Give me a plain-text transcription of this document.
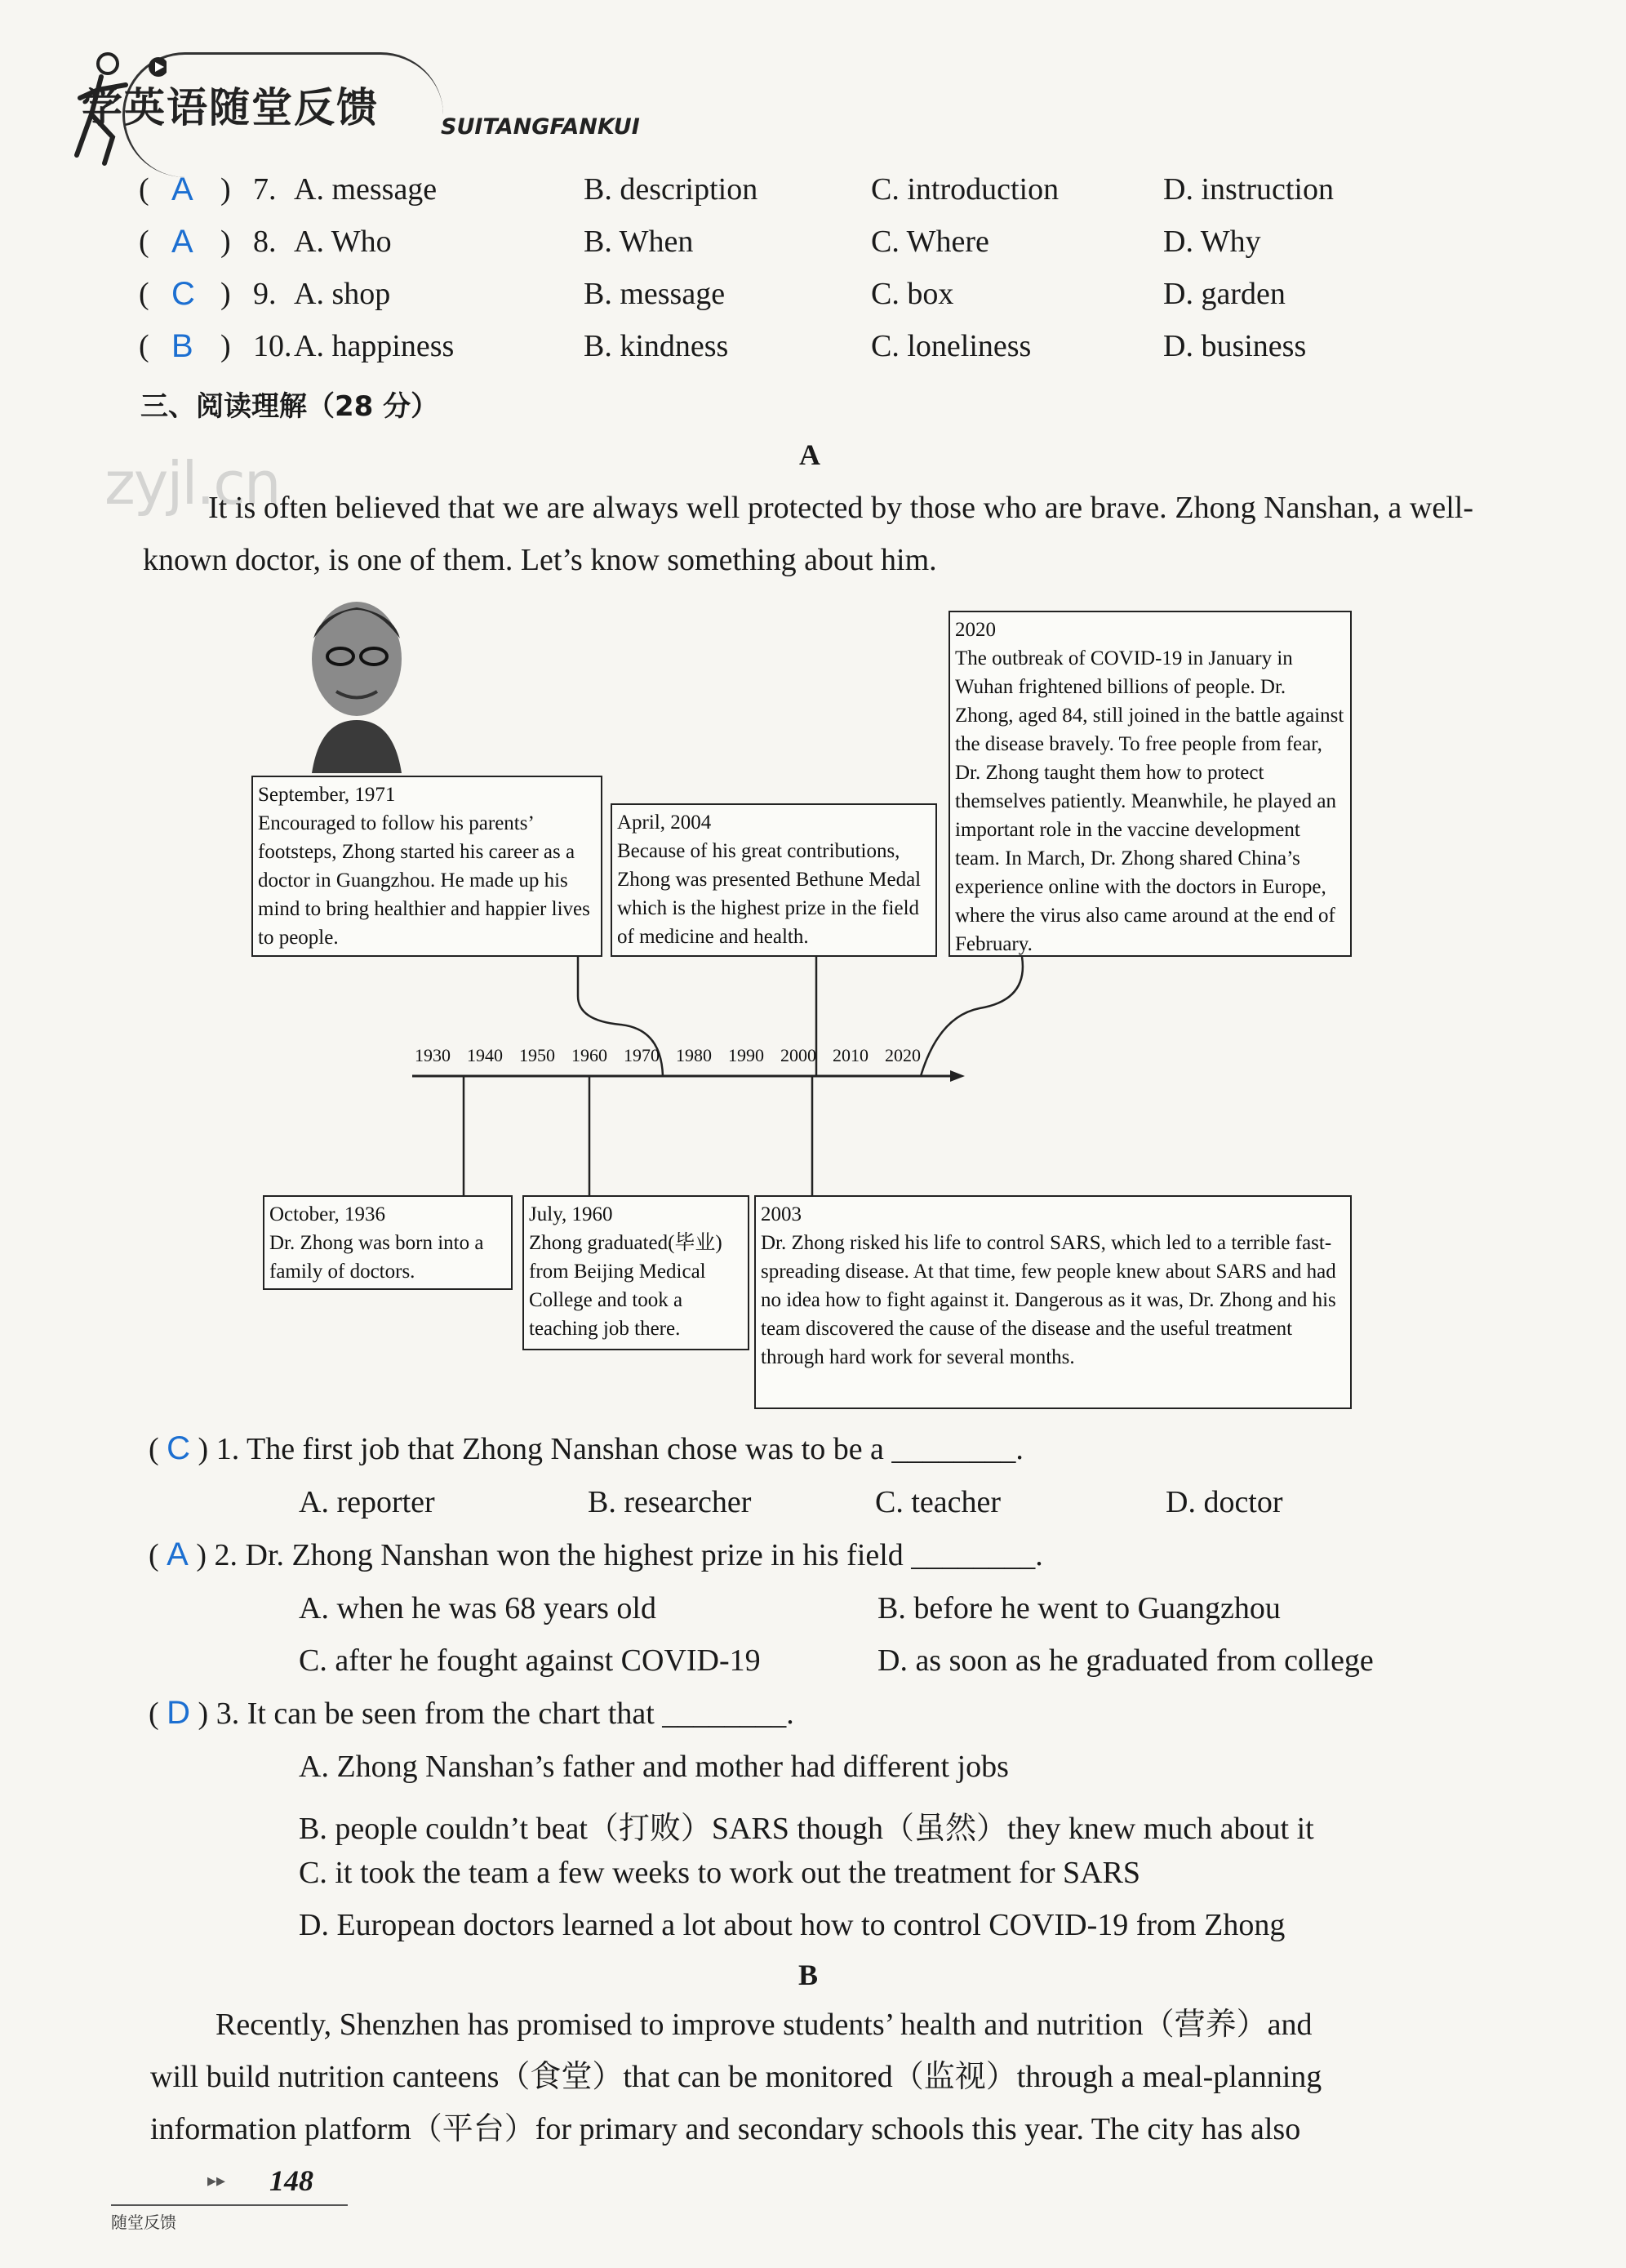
学英语随堂反馈	SUITANGFANKUI
( A ) 7. A. message	B. description	C. introduction	D. instruction
( A ) 8. A. Who	B. When	C. Where	D. Why
( C ) 9. A. shop	B. message	C. box	D. garden
( B ) 10. A. happiness	B. kindness	C. loneliness	D. business
三、阅读理解（28 分）
A
zyjl.cn
It is often believed that we are always well protected by those who are brave. Zhong Nanshan, a well-known doctor, is one of them. Let’s know something about him.
September, 1971
Encouraged to follow his parents’ footsteps, Zhong started his career as a doctor in Guangzhou. He made up his mind to bring healthier and happier lives to people.
April, 2004
Because of his great contributions, Zhong was presented Bethune Medal which is the highest prize in the field of medicine and health.
2020
The outbreak of COVID-19 in January in Wuhan frightened billions of people. Dr. Zhong, aged 84, still joined in the battle against the disease bravely. To free people from fear, Dr. Zhong taught them how to protect themselves patiently. Meanwhile, he played an important role in the vaccine development team. In March, Dr. Zhong shared China’s experience online with the doctors in Europe, where the virus also came around at the end of February.
October, 1936
Dr. Zhong was born into a family of doctors.
July, 1960
Zhong graduated(毕业) from Beijing Medical College and took a teaching job there.
2003
Dr. Zhong risked his life to control SARS, which led to a terrible fast-spreading disease. At that time, few people knew about SARS and had no idea how to fight against it. Dangerous as it was, Dr. Zhong and his team discovered the cause of the disease and the useful treatment through hard work for several months.
1930 1940 1950 1960 1970 1980 1990 2000 2010 2020
( C ) 1. The first job that Zhong Nanshan chose was to be a ________.
A. reporter	B. researcher	C. teacher	D. doctor
( A ) 2. Dr. Zhong Nanshan won the highest prize in his field ________.
A. when he was 68 years old	B. before he went to Guangzhou
C. after he fought against COVID-19	D. as soon as he graduated from college
( D ) 3. It can be seen from the chart that ________.
A. Zhong Nanshan’s father and mother had different jobs
B. people couldn’t beat（打败）SARS though（虽然）they knew much about it
C. it took the team a few weeks to work out the treatment for SARS
D. European doctors learned a lot about how to control COVID-19 from Zhong
B
Recently, Shenzhen has promised to improve students’ health and nutrition（营养）and
will build nutrition canteens（食堂）that can be monitored（监视）through a meal-planning
information platform（平台）for primary and secondary schools this year. The city has also
▸▸ 148
随堂反馈
